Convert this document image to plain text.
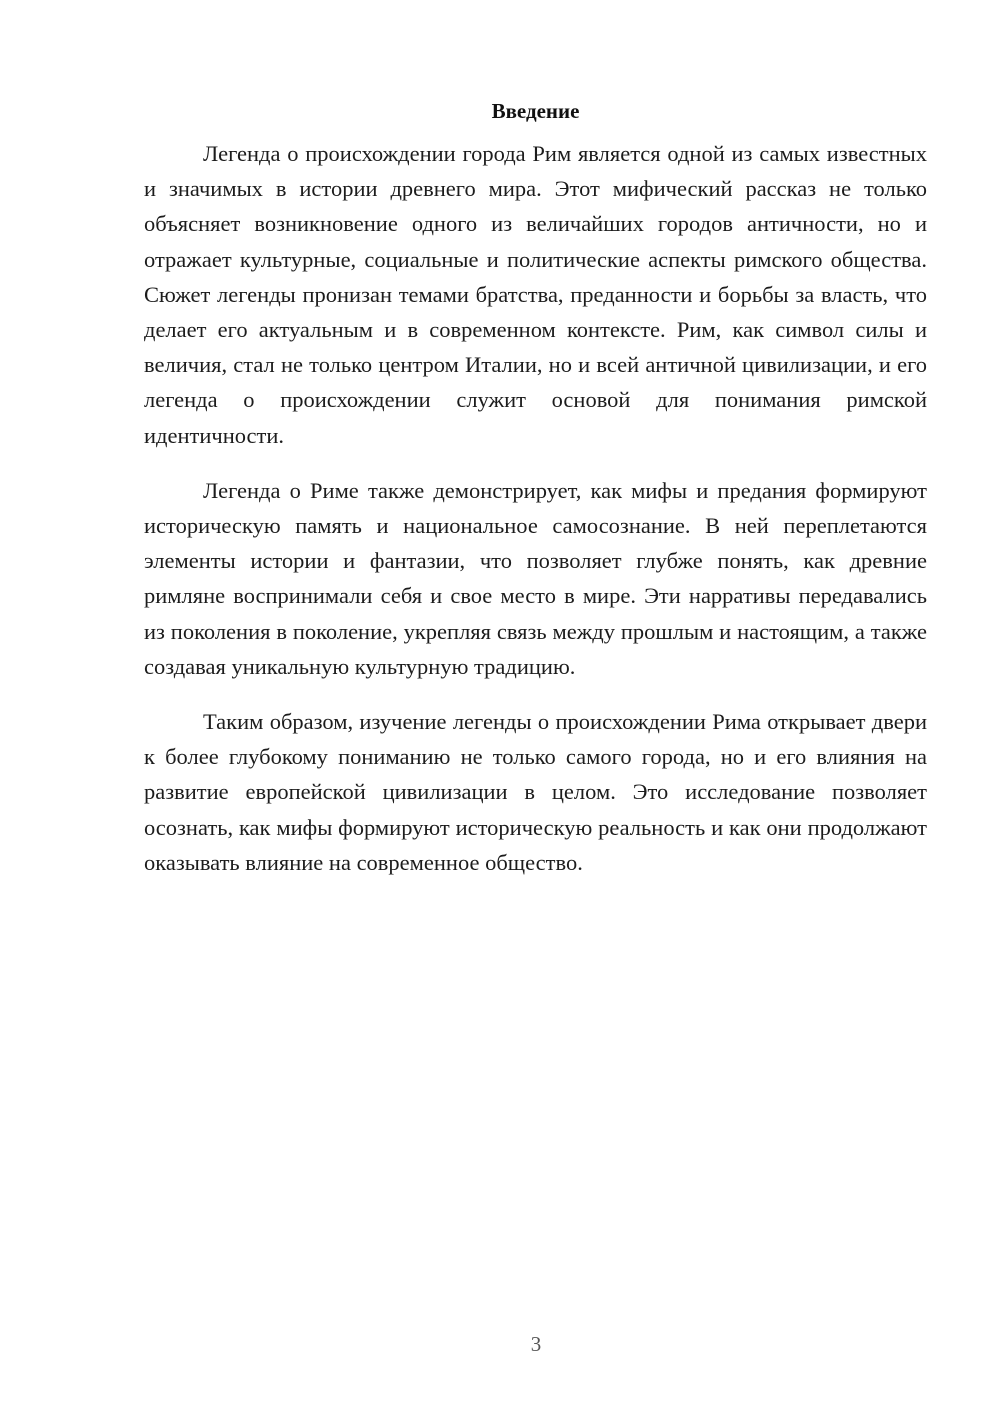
Введение

Легенда о происхождении города Рим является одной из самых известных и значимых в истории древнего мира. Этот мифический рассказ не только объясняет возникновение одного из величайших городов античности, но и отражает культурные, социальные и политические аспекты римского общества. Сюжет легенды пронизан темами братства, преданности и борьбы за власть, что делает его актуальным и в современном контексте. Рим, как символ силы и величия, стал не только центром Италии, но и всей античной цивилизации, и его легенда о происхождении служит основой для понимания римской идентичности.

Легенда о Риме также демонстрирует, как мифы и предания формируют историческую память и национальное самосознание. В ней переплетаются элементы истории и фантазии, что позволяет глубже понять, как древние римляне воспринимали себя и свое место в мире. Эти нарративы передавались из поколения в поколение, укрепляя связь между прошлым и настоящим, а также создавая уникальную культурную традицию.

Таким образом, изучение легенды о происхождении Рима открывает двери к более глубокому пониманию не только самого города, но и его влияния на развитие европейской цивилизации в целом. Это исследование позволяет осознать, как мифы формируют историческую реальность и как они продолжают оказывать влияние на современное общество.

3
